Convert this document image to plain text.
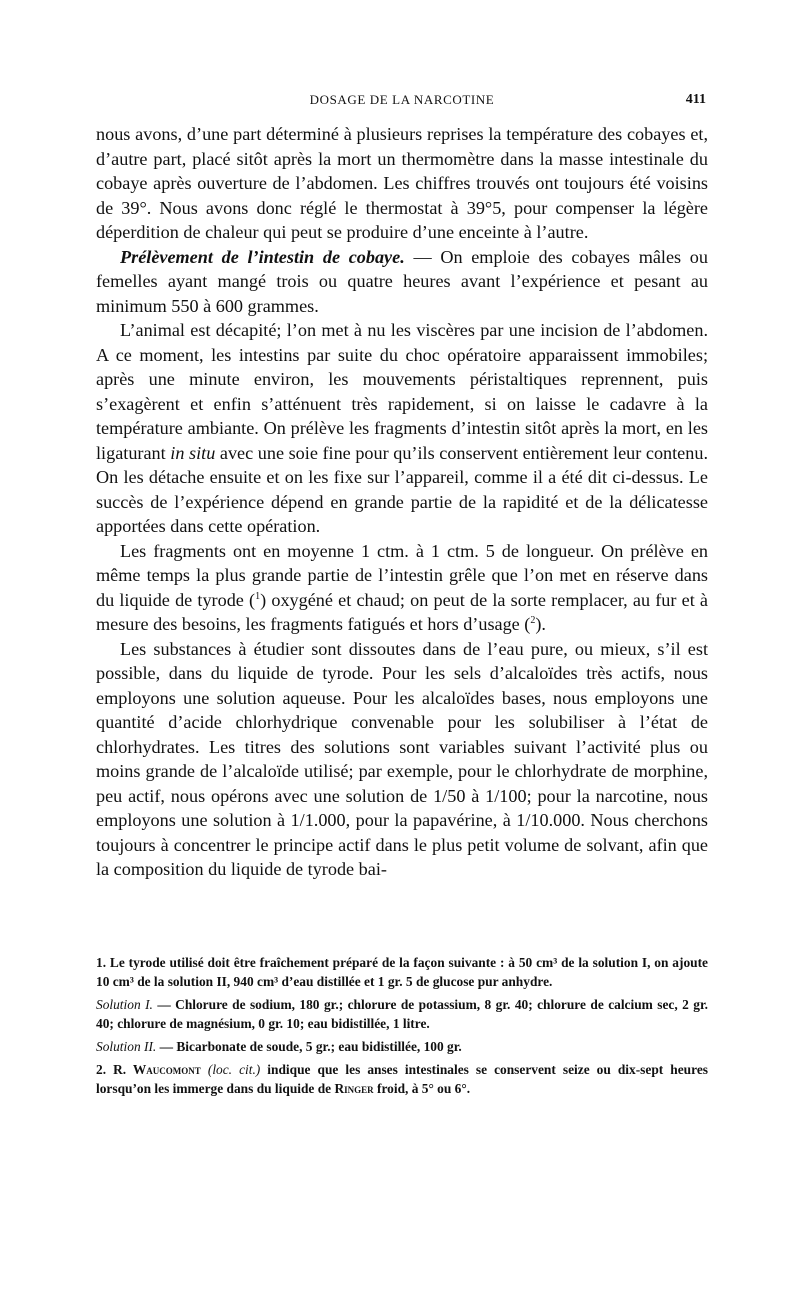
DOSAGE DE LA NARCOTINE	411

nous avons, d’une part déterminé à plusieurs reprises la température des cobayes et, d’autre part, placé sitôt après la mort un thermomètre dans la masse intestinale du cobaye après ouverture de l’abdomen. Les chiffres trouvés ont toujours été voisins de 39°. Nous avons donc réglé le thermostat à 39°5, pour compenser la légère déperdition de chaleur qui peut se produire d’une enceinte à l’autre.

Prélèvement de l’intestin de cobaye. — On emploie des cobayes mâles ou femelles ayant mangé trois ou quatre heures avant l’expérience et pesant au minimum 550 à 600 grammes.

L’animal est décapité; l’on met à nu les viscères par une incision de l’abdomen. A ce moment, les intestins par suite du choc opératoire apparaissent immobiles; après une minute environ, les mouvements péristaltiques reprennent, puis s’exagèrent et enfin s’atténuent très rapidement, si on laisse le cadavre à la température ambiante. On prélève les fragments d’intestin sitôt après la mort, en les ligaturant in situ avec une soie fine pour qu’ils conservent entièrement leur contenu. On les détache ensuite et on les fixe sur l’appareil, comme il a été dit ci-dessus. Le succès de l’expérience dépend en grande partie de la rapidité et de la délicatesse apportées dans cette opération.

Les fragments ont en moyenne 1 ctm. à 1 ctm. 5 de longueur. On prélève en même temps la plus grande partie de l’intestin grêle que l’on met en réserve dans du liquide de tyrode ($^1$) oxygéné et chaud; on peut de la sorte remplacer, au fur et à mesure des besoins, les fragments fatigués et hors d’usage ($^2$).

Les substances à étudier sont dissoutes dans de l’eau pure, ou mieux, s’il est possible, dans du liquide de tyrode. Pour les sels d’alcaloïdes très actifs, nous employons une solution aqueuse. Pour les alcaloïdes bases, nous employons une quantité d’acide chlorhydrique convenable pour les solubiliser à l’état de chlorhydrates. Les titres des solutions sont variables suivant l’activité plus ou moins grande de l’alcaloïde utilisé; par exemple, pour le chlorhydrate de morphine, peu actif, nous opérons avec une solution de 1/50 à 1/100; pour la narcotine, nous employons une solution à 1/1.000, pour la papavérine, à 1/10.000. Nous cherchons toujours à concentrer le principe actif dans le plus petit volume de solvant, afin que la composition du liquide de tyrode bai-

1. Le tyrode utilisé doit être fraîchement préparé de la façon suivante : à 50 cm³ de la solution I, on ajoute 10 cm³ de la solution II, 940 cm³ d’eau distillée et 1 gr. 5 de glucose pur anhydre.

Solution I. — Chlorure de sodium, 180 gr.; chlorure de potassium, 8 gr. 40; chlorure de calcium sec, 2 gr. 40; chlorure de magnésium, 0 gr. 10; eau bidistillée, 1 litre.

Solution II. — Bicarbonate de soude, 5 gr.; eau bidistillée, 100 gr.

2. R. Waucomont (loc. cit.) indique que les anses intestinales se conservent seize ou dix-sept heures lorsqu’on les immerge dans du liquide de Ringer froid, à 5° ou 6°.
